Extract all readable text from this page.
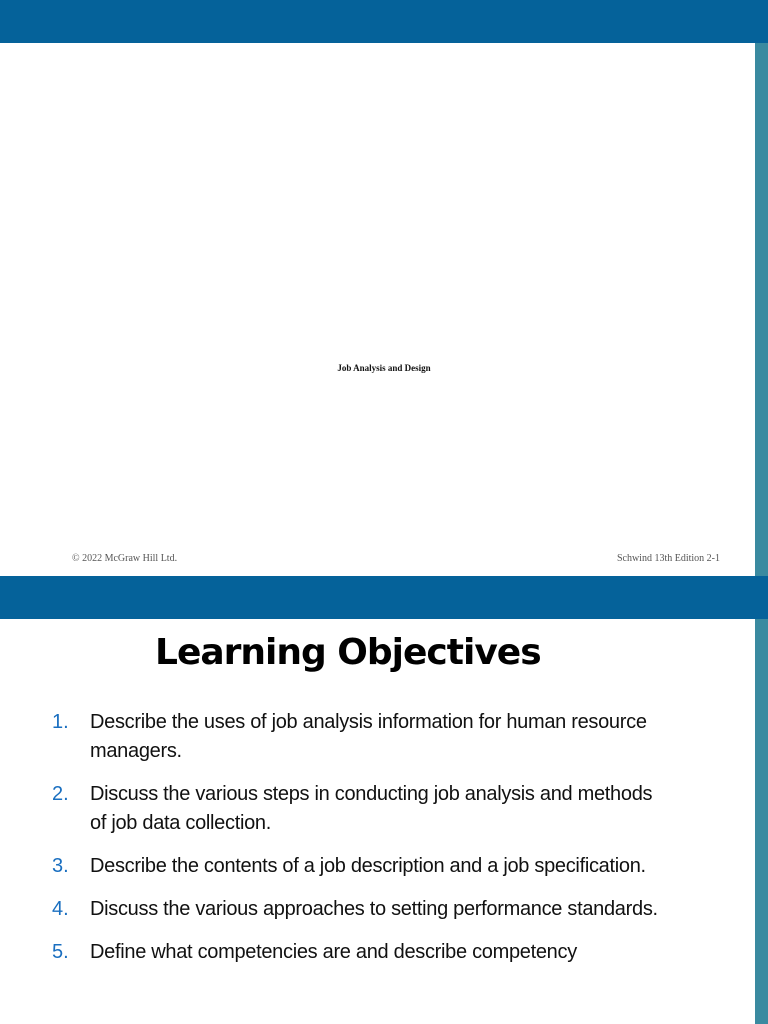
Job Analysis and Design
© 2022 McGraw Hill Ltd.	Schwind 13th Edition 2-1
Learning Objectives
1.	Describe the uses of job analysis information for human resource managers.
2.	Discuss the various steps in conducting job analysis and methods of job data collection.
3.	Describe the contents of a job description and a job specification.
4.	Discuss the various approaches to setting performance standards.
5.	Define what competencies are and describe competency
